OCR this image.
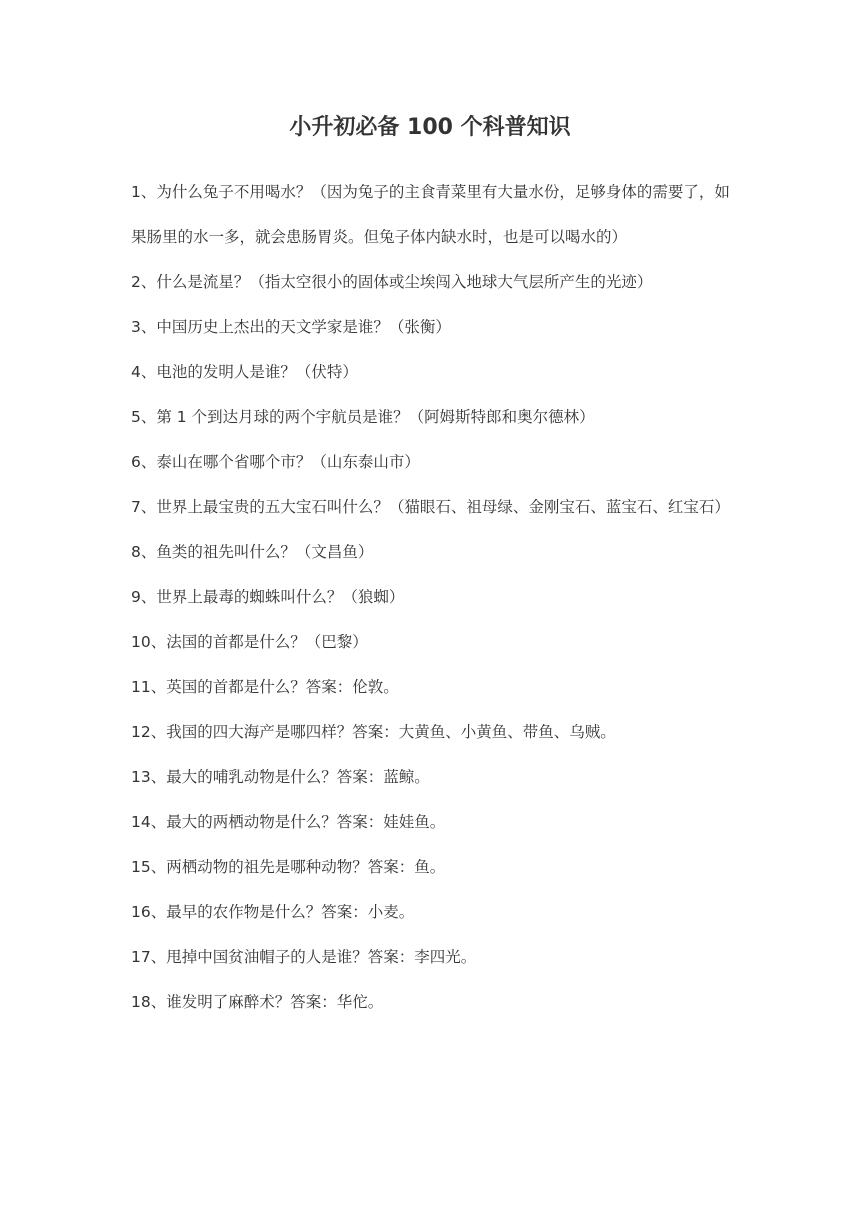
小升初必备 100 个科普知识
1、为什么兔子不用喝水？（因为兔子的主食青菜里有大量水份，足够身体的需要了，如果肠里的水一多，就会患肠胃炎。但兔子体内缺水时，也是可以喝水的）
2、什么是流星？（指太空很小的固体或尘埃闯入地球大气层所产生的光迹）
3、中国历史上杰出的天文学家是谁？（张衡）
4、电池的发明人是谁？（伏特）
5、第 1 个到达月球的两个宇航员是谁？（阿姆斯特郎和奥尔德林）
6、泰山在哪个省哪个市？（山东泰山市）
7、世界上最宝贵的五大宝石叫什么？（猫眼石、祖母绿、金刚宝石、蓝宝石、红宝石）
8、鱼类的祖先叫什么？（文昌鱼）
9、世界上最毒的蜘蛛叫什么？（狼蜘）
10、法国的首都是什么？（巴黎）
11、英国的首都是什么？答案：伦敦。
12、我国的四大海产是哪四样？答案：大黄鱼、小黄鱼、带鱼、乌贼。
13、最大的哺乳动物是什么？答案：蓝鲸。
14、最大的两栖动物是什么？答案：娃娃鱼。
15、两栖动物的祖先是哪种动物？答案：鱼。
16、最早的农作物是什么？答案：小麦。
17、甩掉中国贫油帽子的人是谁？答案：李四光。
18、谁发明了麻醉术？答案：华佗。
